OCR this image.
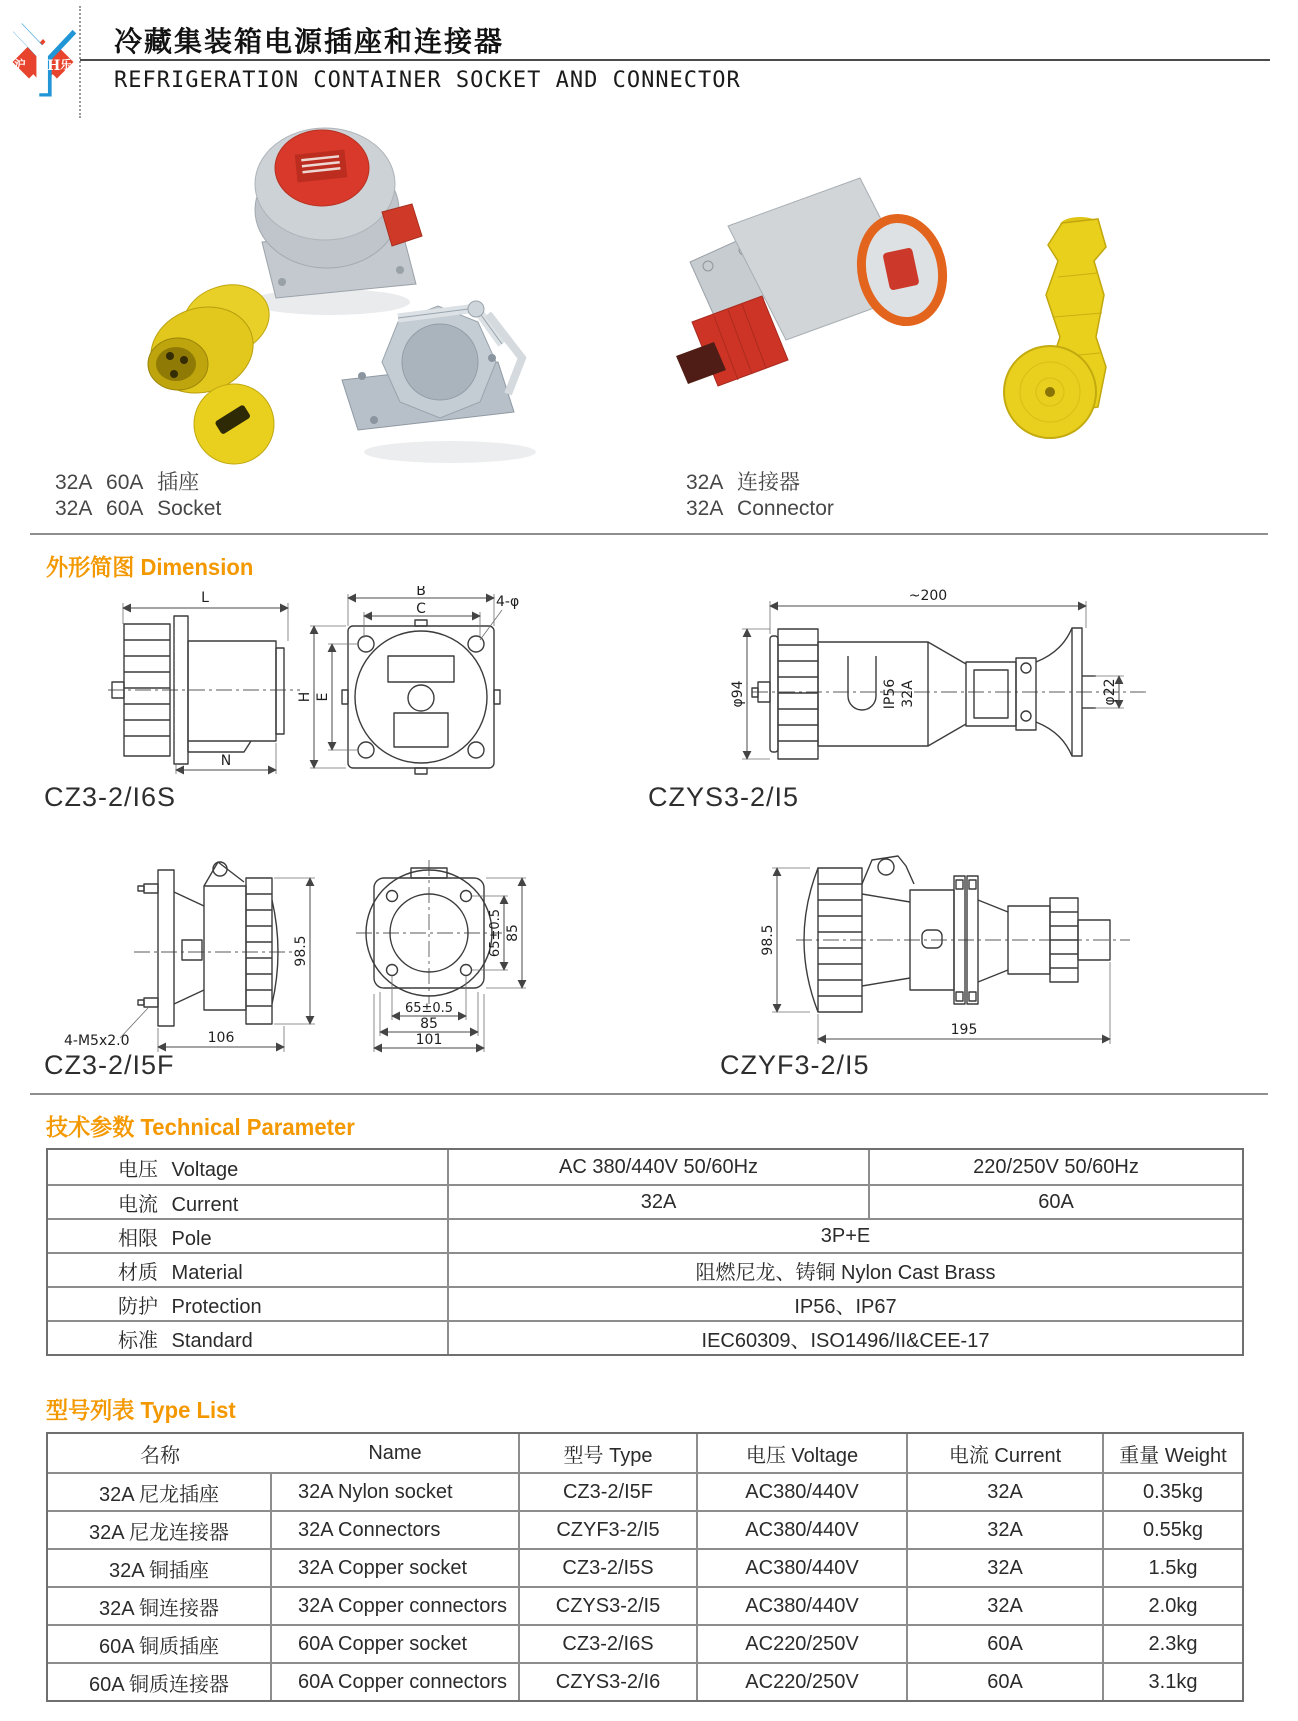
沪 H 乐
冷藏集装箱电源插座和连接器
REFRIGERATION CONTAINER SOCKET AND CONNECTOR
32A 60A 插座
32A 60A Socket
32A 连接器
32A Connector
外形简图 Dimension
L
N
B
C
H E
4-φ
IP56 32A
~200
φ94	φ22
CZ3-2/I6S	CZYS3-2/I5
98.5
4-M5x2.0	106
65±0.5 85
65±0.5
85
101
98.5
195
CZ3-2/I5F	CZYF3-2/I5
技术参数 Technical Parameter
电压 Voltage	AC 380/440V 50/60Hz	220/250V 50/60Hz
电流 Current	32A	60A
相限 Pole	3P+E
材质 Material	阻燃尼龙、铸铜 Nylon Cast Brass
防护 Protection	IP56、IP67
标准 Standard	IEC60309、ISO1496/II&CEE-17
型号列表 Type List
名称	Name	型号 Type	电压 Voltage	电流 Current	重量 Weight
32A 尼龙插座	32A Nylon socket	CZ3-2/I5F	AC380/440V	32A	0.35kg
32A 尼龙连接器	32A Connectors	CZYF3-2/I5	AC380/440V	32A	0.55kg
32A 铜插座	32A Copper socket	CZ3-2/I5S	AC380/440V	32A	1.5kg
32A 铜连接器	32A Copper connectors	CZYS3-2/I5	AC380/440V	32A	2.0kg
60A 铜质插座	60A Copper socket	CZ3-2/I6S	AC220/250V	60A	2.3kg
60A 铜质连接器	60A Copper connectors	CZYS3-2/I6	AC220/250V	60A	3.1kg
